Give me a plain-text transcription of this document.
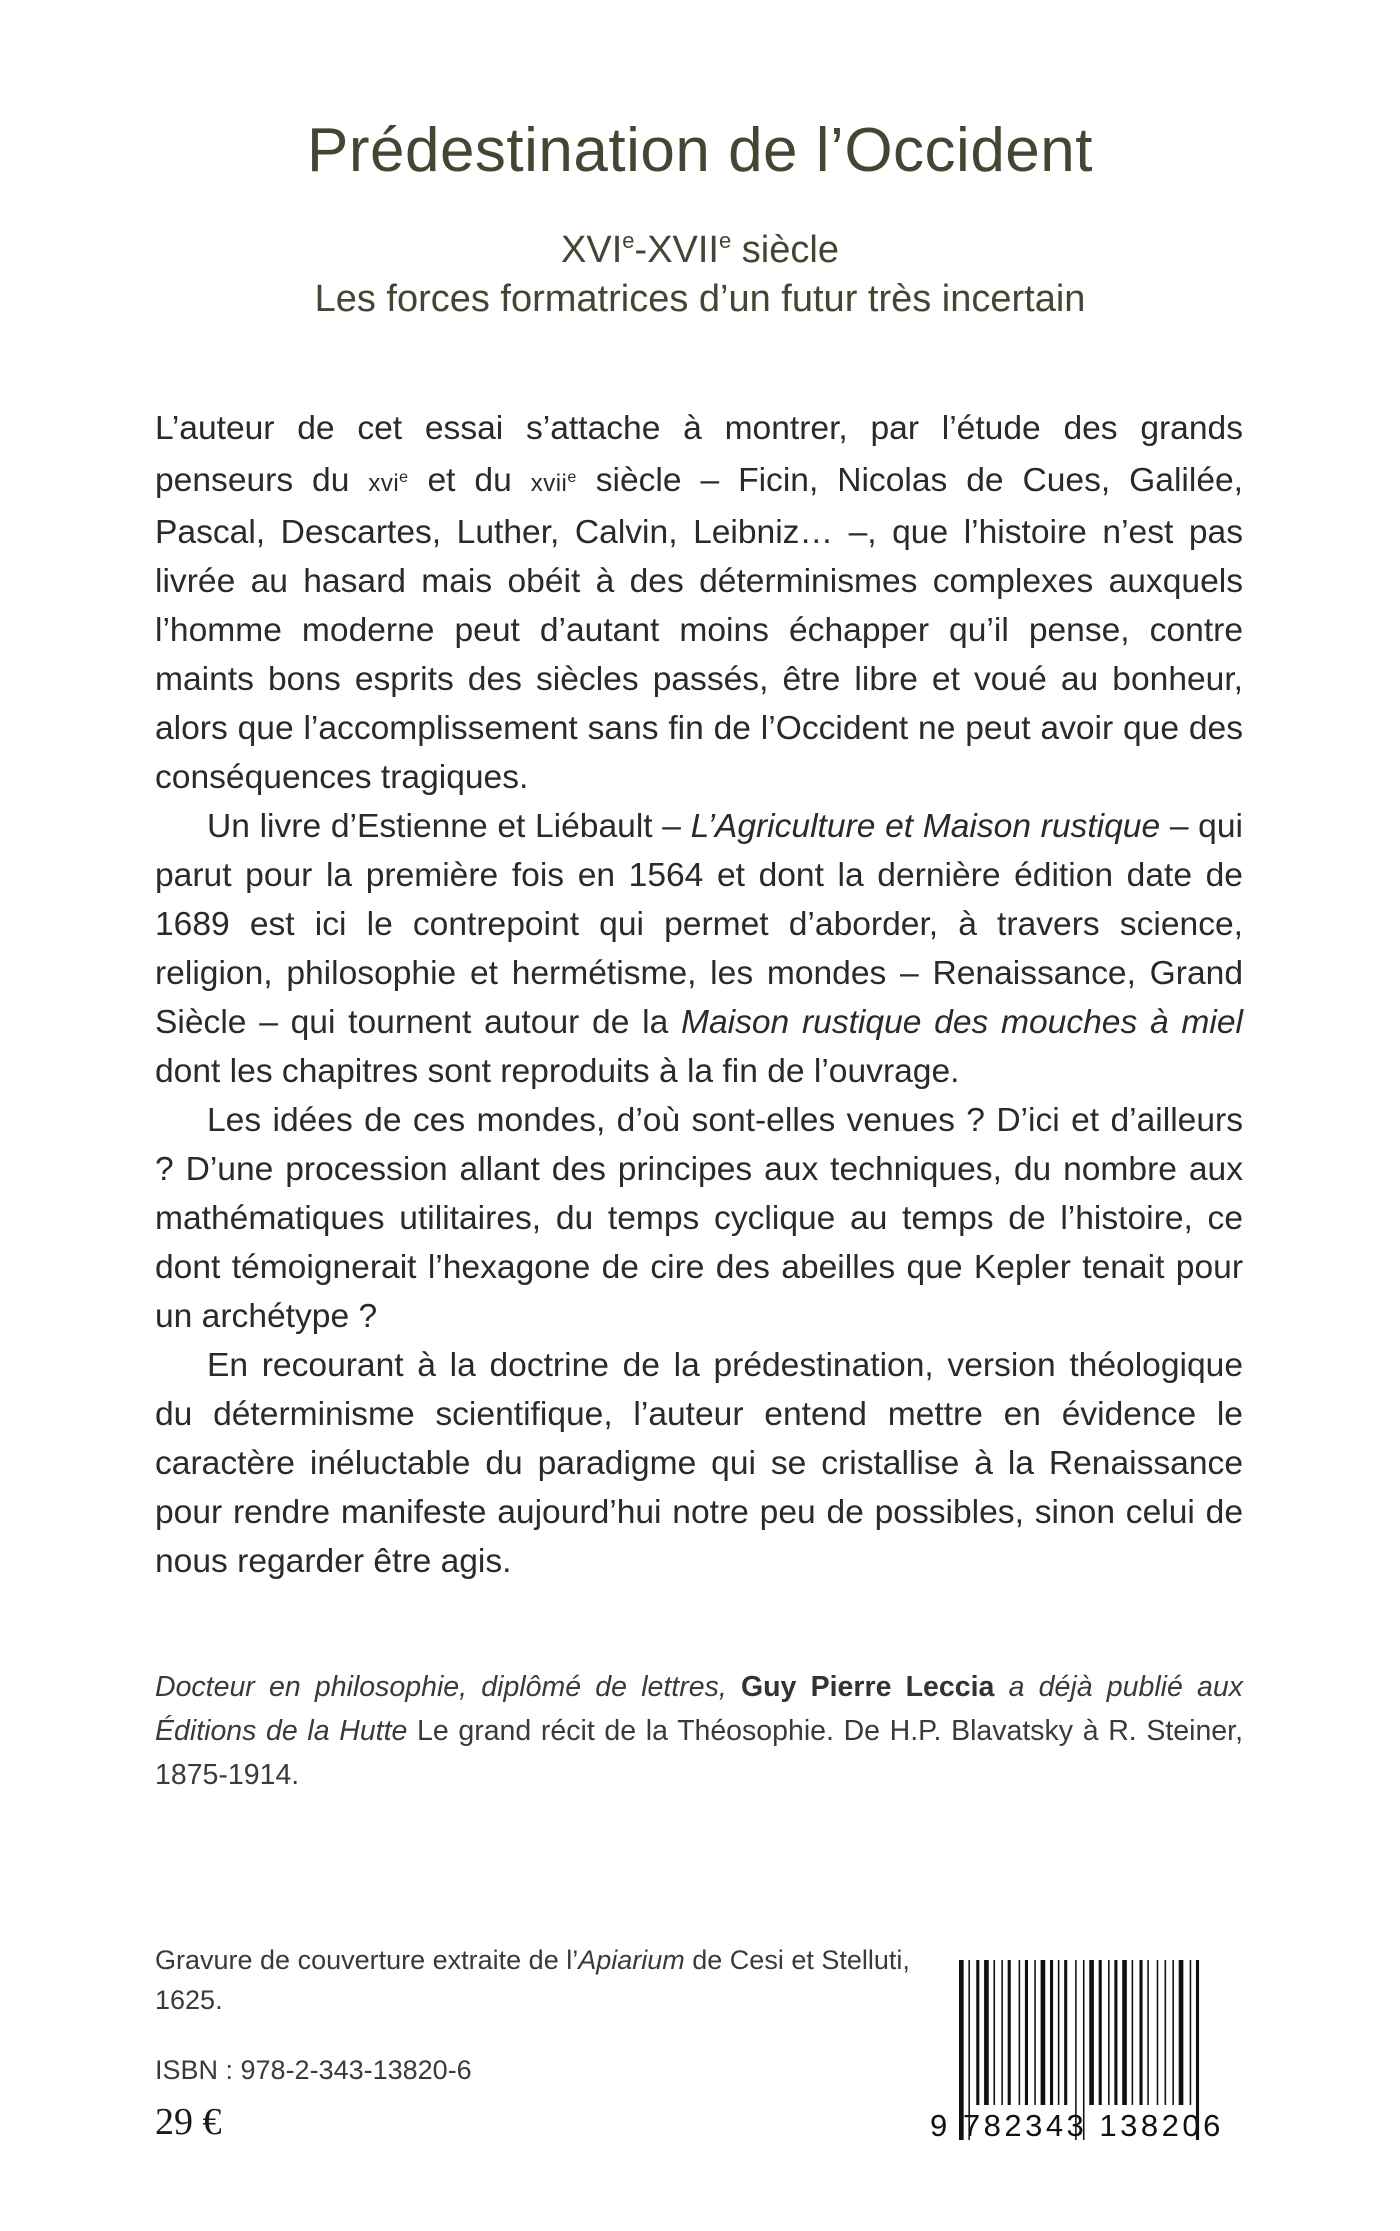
Prédestination de l’Occident
XVIe-XVIIe siècle
Les forces formatrices d’un futur très incertain

L’auteur de cet essai s’attache à montrer, par l’étude des grands penseurs du xvi$^e$ et du xvii$^e$ siècle – Ficin, Nicolas de Cues, Galilée, Pascal, Descartes, Luther, Calvin, Leibniz… –, que l’histoire n’est pas livrée au hasard mais obéit à des déterminismes complexes auxquels l’homme moderne peut d’autant moins échapper qu’il pense, contre maints bons esprits des siècles passés, être libre et voué au bonheur, alors que l’accomplissement sans fin de l’Occident ne peut avoir que des conséquences tragiques.

Un livre d’Estienne et Liébault – L’Agriculture et Maison rustique – qui parut pour la première fois en 1564 et dont la dernière édition date de 1689 est ici le contrepoint qui permet d’aborder, à travers science, religion, philosophie et hermétisme, les mondes – Renaissance, Grand Siècle – qui tournent autour de la Maison rustique des mouches à miel dont les chapitres sont reproduits à la fin de l’ouvrage.

Les idées de ces mondes, d’où sont-elles venues ? D’ici et d’ailleurs ? D’une procession allant des principes aux techniques, du nombre aux mathématiques utilitaires, du temps cyclique au temps de l’histoire, ce dont témoignerait l’hexagone de cire des abeilles que Kepler tenait pour un archétype ?

En recourant à la doctrine de la prédestination, version théologique du déterminisme scientifique, l’auteur entend mettre en évidence le caractère inéluctable du paradigme qui se cristallise à la Renaissance pour rendre manifeste aujourd’hui notre peu de possibles, sinon celui de nous regarder être agis.

Docteur en philosophie, diplômé de lettres, Guy Pierre Leccia a déjà publié aux Éditions de la Hutte Le grand récit de la Théosophie. De H.P. Blavatsky à R. Steiner, 1875-1914.
Gravure de couverture extraite de l’Apiarium de Cesi et Stelluti, 1625.
ISBN : 978-2-343-13820-6
29 €	9 782343 138206
